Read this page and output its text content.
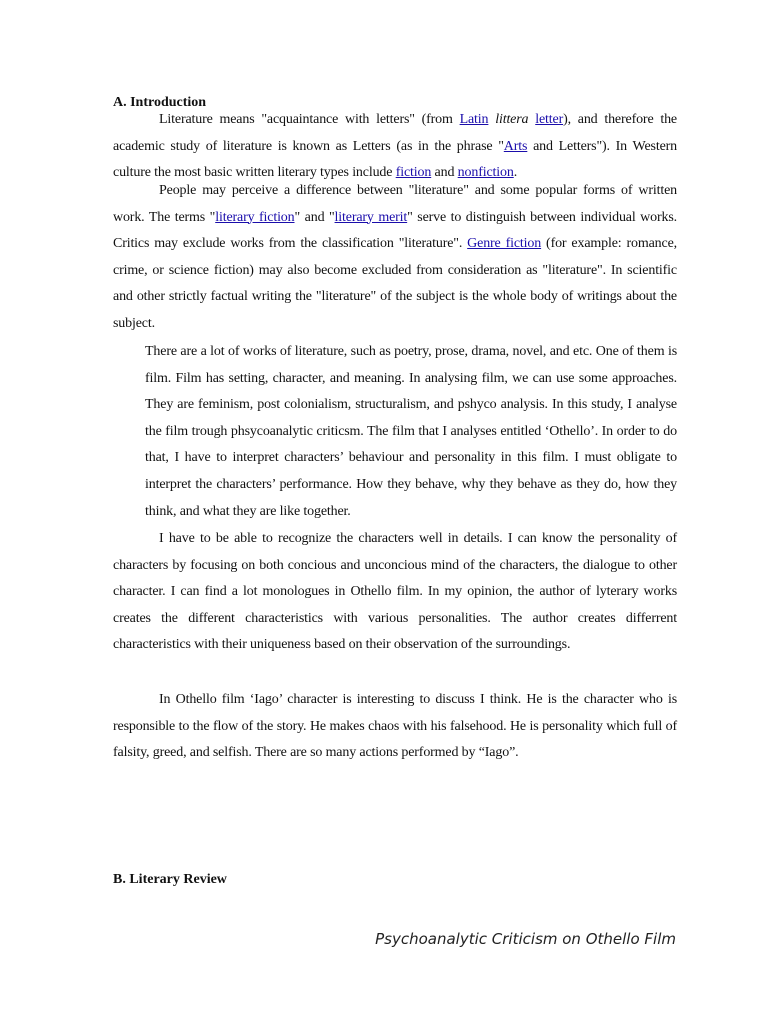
A. Introduction

Literature means "acquaintance with letters" (from Latin littera letter), and therefore the academic study of literature is known as Letters (as in the phrase "Arts and Letters"). In Western culture the most basic written literary types include fiction and nonfiction.

People may perceive a difference between "literature" and some popular forms of written work. The terms "literary fiction" and "literary merit" serve to distinguish between individual works. Critics may exclude works from the classification "literature". Genre fiction (for example: romance, crime, or science fiction) may also become excluded from consideration as "literature". In scientific and other strictly factual writing the "literature" of the subject is the whole body of writings about the subject.

There are a lot of works of literature, such as poetry, prose, drama, novel, and etc. One of them is film. Film has setting, character, and meaning. In analysing film, we can use some approaches. They are feminism, post colonialism, structuralism, and pshyco analysis. In this study, I analyse the film trough phsycoanalytic criticsm. The film that I analyses entitled ‘Othello’. In order to do that, I have to interpret characters’ behaviour and personality in this film. I must obligate to interpret the characters’ performance. How they behave, why they behave as they do, how they think, and what they are like together.

I have to be able to recognize the characters well in details. I can know the personality of characters by focusing on both concious and unconcious mind of the characters, the dialogue to other character. I can find a lot monologues in Othello film. In my opinion, the author of lyterary works creates the different characteristics with various personalities. The author creates differrent characteristics with their uniqueness based on their observation of the surroundings.

In Othello film ‘Iago’ character is interesting to discuss I think. He is the character who is responsible to the flow of the story. He makes chaos with his falsehood. He is personality which full of falsity, greed, and selfish. There are so many actions performed by “Iago”.

B. Literary Review

Psychoanalytic Criticism on Othello Film
